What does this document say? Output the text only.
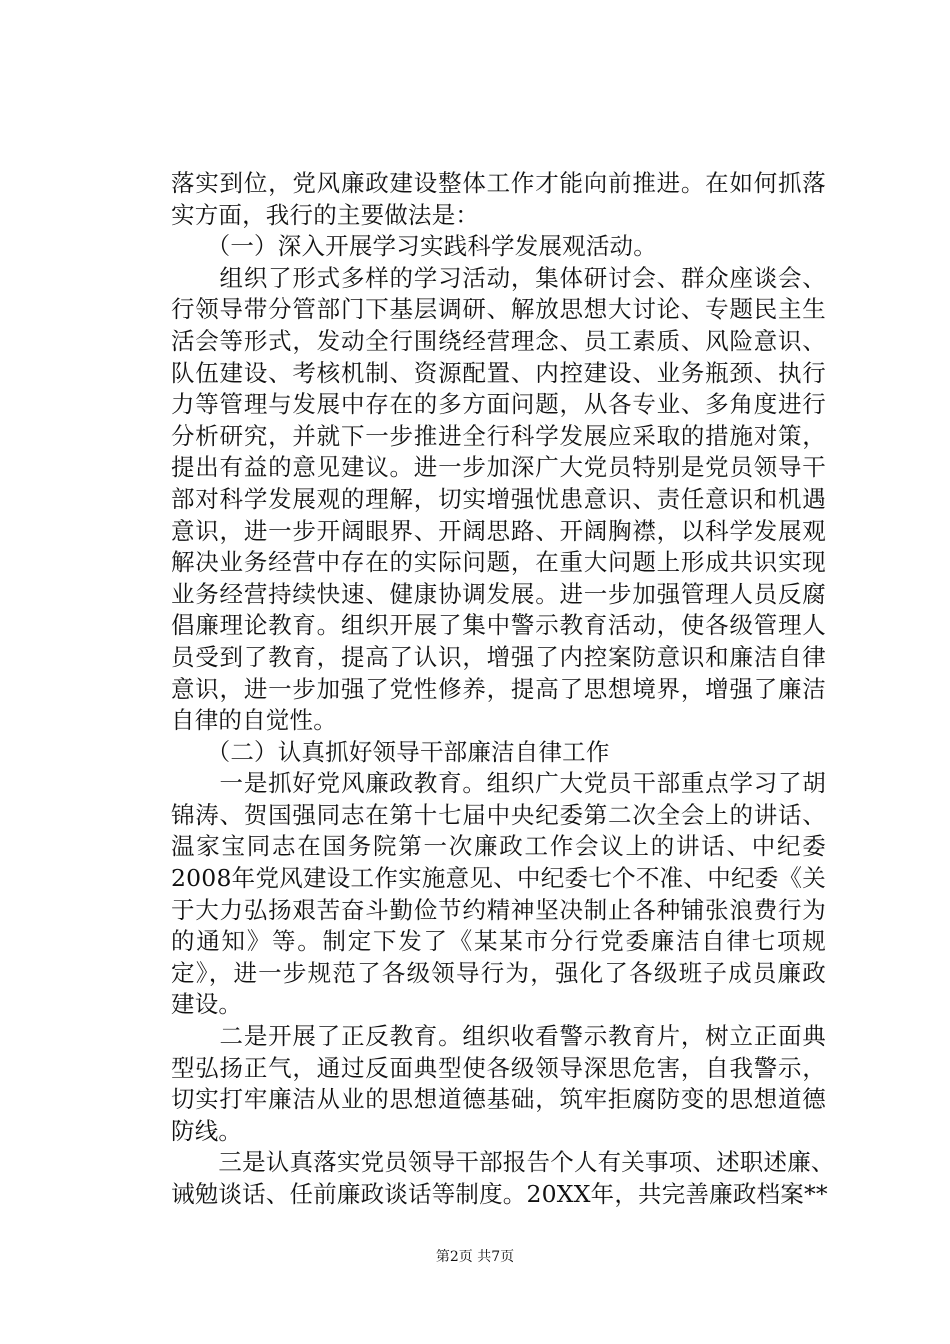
落实到位，党风廉政建设整体工作才能向前推进。在如何抓落
实方面，我行的主要做法是：
　　（一）深入开展学习实践科学发展观活动。
　　组织了形式多样的学习活动，集体研讨会、群众座谈会、
行领导带分管部门下基层调研、解放思想大讨论、专题民主生
活会等形式，发动全行围绕经营理念、员工素质、风险意识、
队伍建设、考核机制、资源配置、内控建设、业务瓶颈、执行
力等管理与发展中存在的多方面问题，从各专业、多角度进行
分析研究，并就下一步推进全行科学发展应采取的措施对策，
提出有益的意见建议。进一步加深广大党员特别是党员领导干
部对科学发展观的理解，切实增强忧患意识、责任意识和机遇
意识，进一步开阔眼界、开阔思路、开阔胸襟，以科学发展观
解决业务经营中存在的实际问题，在重大问题上形成共识实现
业务经营持续快速、健康协调发展。进一步加强管理人员反腐
倡廉理论教育。组织开展了集中警示教育活动，使各级管理人
员受到了教育，提高了认识，增强了内控案防意识和廉洁自律
意识，进一步加强了党性修养，提高了思想境界，增强了廉洁
自律的自觉性。
　　（二）认真抓好领导干部廉洁自律工作
　　一是抓好党风廉政教育。组织广大党员干部重点学习了胡
锦涛、贺国强同志在第十七届中央纪委第二次全会上的讲话、
温家宝同志在国务院第一次廉政工作会议上的讲话、中纪委
2008年党风建设工作实施意见、中纪委七个不准、中纪委《关
于大力弘扬艰苦奋斗勤俭节约精神坚决制止各种铺张浪费行为
的通知》等。制定下发了《某某市分行党委廉洁自律七项规
定》，进一步规范了各级领导行为，强化了各级班子成员廉政
建设。
　　二是开展了正反教育。组织收看警示教育片，树立正面典
型弘扬正气，通过反面典型使各级领导深思危害，自我警示，
切实打牢廉洁从业的思想道德基础，筑牢拒腐防变的思想道德
防线。
　　三是认真落实党员领导干部报告个人有关事项、述职述廉、
诫勉谈话、任前廉政谈话等制度。20XX年，共完善廉政档案**
第2页 共7页
